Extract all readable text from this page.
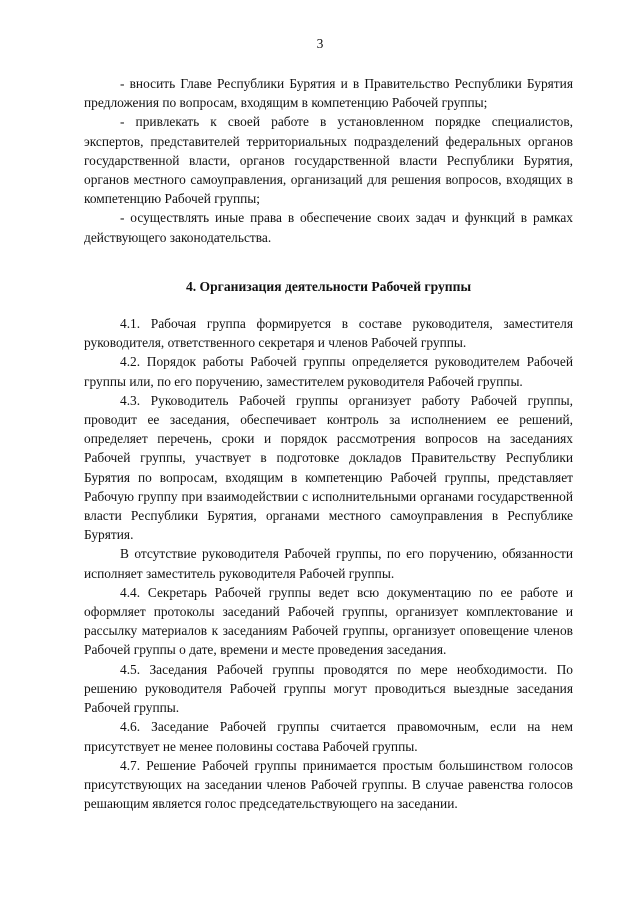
3

- вносить Главе Республики Бурятия и в Правительство Республики Бурятия предложения по вопросам, входящим в компетенцию Рабочей группы;

- привлекать к своей работе в установленном порядке специалистов, экспертов, представителей территориальных подразделений федеральных органов государственной власти, органов государственной власти Республики Бурятия, органов местного самоуправления, организаций для решения вопросов, входящих в компетенцию Рабочей группы;

- осуществлять иные права в обеспечение своих задач и функций в рамках действующего законодательства.

4. Организация деятельности Рабочей группы

4.1. Рабочая группа формируется в составе руководителя, заместителя руководителя, ответственного секретаря и членов Рабочей группы.

4.2. Порядок работы Рабочей группы определяется руководителем Рабочей группы или, по его поручению, заместителем руководителя Рабочей группы.

4.3. Руководитель Рабочей группы организует работу Рабочей группы, проводит ее заседания, обеспечивает контроль за исполнением ее решений, определяет перечень, сроки и порядок рассмотрения вопросов на заседаниях Рабочей группы, участвует в подготовке докладов Правительству Республики Бурятия по вопросам, входящим в компетенцию Рабочей группы, представляет Рабочую группу при взаимодействии с исполнительными органами государственной власти Республики Бурятия, органами местного самоуправления в Республике Бурятия.

В отсутствие руководителя Рабочей группы, по его поручению, обязанности исполняет заместитель руководителя Рабочей группы.

4.4. Секретарь Рабочей группы ведет всю документацию по ее работе и оформляет протоколы заседаний Рабочей группы, организует комплектование и рассылку материалов к заседаниям Рабочей группы, организует оповещение членов Рабочей группы о дате, времени и месте проведения заседания.

4.5. Заседания Рабочей группы проводятся по мере необходимости. По решению руководителя Рабочей группы могут проводиться выездные заседания Рабочей группы.

4.6. Заседание Рабочей группы считается правомочным, если на нем присутствует не менее половины состава Рабочей группы.

4.7. Решение Рабочей группы принимается простым большинством голосов присутствующих на заседании членов Рабочей группы. В случае равенства голосов решающим является голос председательствующего на заседании.
